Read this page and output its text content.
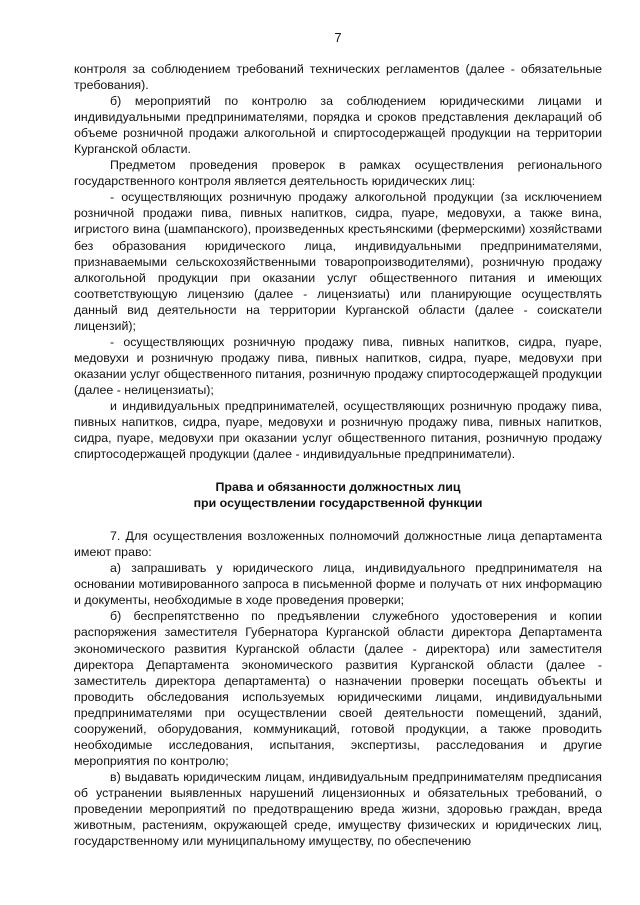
7

контроля за соблюдением требований технических регламентов (далее - обязательные требования).

б) мероприятий по контролю за соблюдением юридическими лицами и индивидуальными предпринимателями, порядка и сроков представления деклараций об объеме розничной продажи алкогольной и спиртосодержащей продукции на территории Курганской области.

Предметом проведения проверок в рамках осуществления регионального государственного контроля является деятельность юридических лиц:

- осуществляющих розничную продажу алкогольной продукции (за исключением розничной продажи пива, пивных напитков, сидра, пуаре, медовухи, а также вина, игристого вина (шампанского), произведенных крестьянскими (фермерскими) хозяйствами без образования юридического лица, индивидуальными предпринимателями, признаваемыми сельскохозяйственными товаропроизводителями), розничную продажу алкогольной продукции при оказании услуг общественного питания и имеющих соответствующую лицензию (далее - лицензиаты) или планирующие осуществлять данный вид деятельности на территории Курганской области (далее - соискатели лицензий);

- осуществляющих розничную продажу пива, пивных напитков, сидра, пуаре, медовухи и розничную продажу пива, пивных напитков, сидра, пуаре, медовухи при оказании услуг общественного питания, розничную продажу спиртосодержащей продукции (далее - нелицензиаты);

и индивидуальных предпринимателей, осуществляющих розничную продажу пива, пивных напитков, сидра, пуаре, медовухи и розничную продажу пива, пивных напитков, сидра, пуаре, медовухи при оказании услуг общественного питания, розничную продажу спиртосодержащей продукции (далее - индивидуальные предприниматели).

Права и обязанности должностных лиц
при осуществлении государственной функции

7. Для осуществления возложенных полномочий должностные лица департамента имеют право:

а) запрашивать у юридического лица, индивидуального предпринимателя на основании мотивированного запроса в письменной форме и получать от них информацию и документы, необходимые в ходе проведения проверки;

б) беспрепятственно по предъявлении служебного удостоверения и копии распоряжения заместителя Губернатора Курганской области директора Департамента экономического развития Курганской области (далее - директора) или заместителя директора Департамента экономического развития Курганской области (далее - заместитель директора департамента) о назначении проверки посещать объекты и проводить обследования используемых юридическими лицами, индивидуальными предпринимателями при осуществлении своей деятельности помещений, зданий, сооружений, оборудования, коммуникаций, готовой продукции, а также проводить необходимые исследования, испытания, экспертизы, расследования и другие мероприятия по контролю;

в) выдавать юридическим лицам, индивидуальным предпринимателям предписания об устранении выявленных нарушений лицензионных и обязательных требований, о проведении мероприятий по предотвращению вреда жизни, здоровью граждан, вреда животным, растениям, окружающей среде, имуществу физических и юридических лиц, государственному или муниципальному имуществу, по обеспечению
